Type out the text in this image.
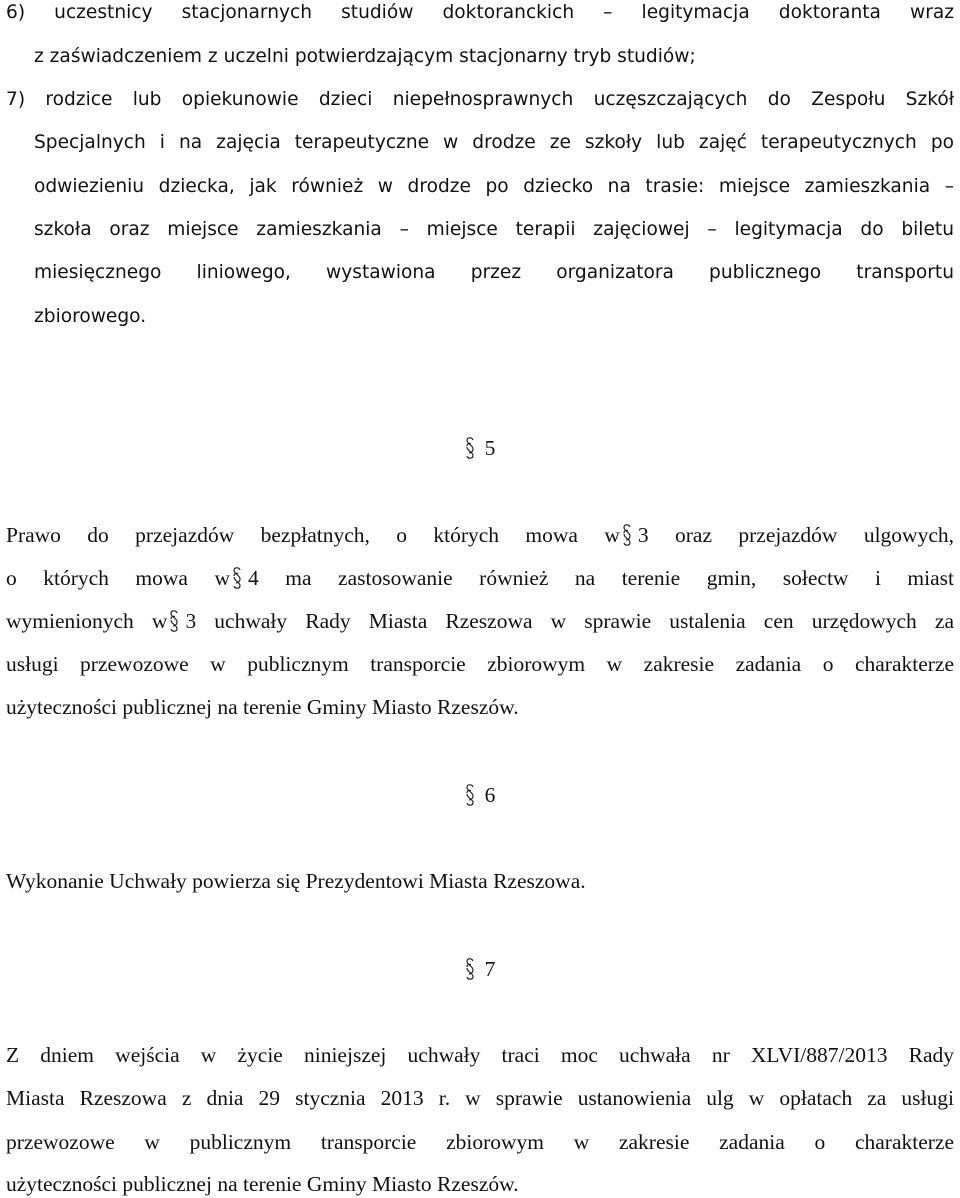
6) uczestnicy stacjonarnych studiów doktoranckich – legitymacja doktoranta wraz
z zaświadczeniem z uczelni potwierdzającym stacjonarny tryb studiów;
7) rodzice lub opiekunowie dzieci niepełnosprawnych uczęszczających do Zespołu Szkół
Specjalnych i na zajęcia terapeutyczne w drodze ze szkoły lub zajęć terapeutycznych po
odwiezieniu dziecka, jak również w drodze po dziecko na trasie: miejsce zamieszkania –
szkoła oraz miejsce zamieszkania – miejsce terapii zajęciowej – legitymacja do biletu
miesięcznego liniowego, wystawiona przez organizatora publicznego transportu
zbiorowego.
5
Prawo do przejazdów bezpłatnych, o których mowa w 3 oraz przejazdów ulgowych,
o których mowa w 4 ma zastosowanie również na terenie gmin, sołectw i miast
wymienionych w 3 uchwały Rady Miasta Rzeszowa w sprawie ustalenia cen urzędowych za
usługi przewozowe w publicznym transporcie zbiorowym w zakresie zadania o charakterze
użyteczności publicznej na terenie Gminy Miasto Rzeszów.
6
Wykonanie Uchwały powierza się Prezydentowi Miasta Rzeszowa.
7
Z dniem wejścia w życie niniejszej uchwały traci moc uchwała nr XLVI/887/2013 Rady
Miasta Rzeszowa z dnia 29 stycznia 2013 r. w sprawie ustanowienia ulg w opłatach za usługi
przewozowe w publicznym transporcie zbiorowym w zakresie zadania o charakterze
użyteczności publicznej na terenie Gminy Miasto Rzeszów.
